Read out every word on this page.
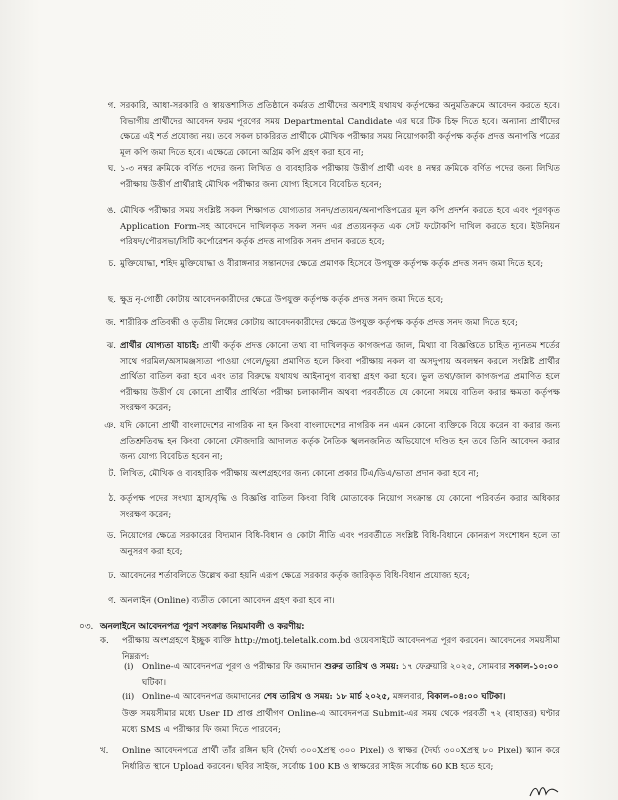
গ. সরকারি, আধা-সরকারি ও স্বায়ত্তশাসিত প্রতিষ্ঠানে কর্মরত প্রার্থীদের অবশ্যই যথাযথ কর্তৃপক্ষের অনুমতিক্রমে আবেদন করতে হবে। বিভাগীয় প্রার্থীদের আবেদন ফরম পূরণের সময় Departmental Candidate এর ঘরে টিক চিহ্ন দিতে হবে। অন্যান্য প্রার্থীদের ক্ষেত্রে এই শর্ত প্রযোজ্য নয়। তবে সকল চাকরিরত প্রার্থীকে মৌখিক পরীক্ষার সময় নিয়োগকারী কর্তৃপক্ষ কর্তৃক প্রদত্ত অনাপত্তি পত্রের মূল কপি জমা দিতে হবে। এক্ষেত্রে কোনো অগ্রিম কপি গ্রহণ করা হবে না;
ঘ. ১-৩ নম্বর ক্রমিকে বর্ণিত পদের জন্য লিখিত ও ব্যবহারিক পরীক্ষায় উত্তীর্ণ প্রার্থী এবং ৪ নম্বর ক্রমিকে বর্ণিত পদের জন্য লিখিত পরীক্ষায় উত্তীর্ণ প্রার্থীরাই মৌখিক পরীক্ষার জন্য যোগ্য হিসেবে বিবেচিত হবেন;
ঙ. মৌখিক পরীক্ষার সময় সংশ্লিষ্ট সকল শিক্ষাগত যোগ্যতার সনদ/প্রত্যয়ন/অনাপত্তিপত্রের মূল কপি প্রদর্শন করতে হবে এবং পূরণকৃত Application Form-সহ আবেদনে দাখিলকৃত সকল সনদ এর প্রত্যয়নকৃত এক সেট ফটোকপি দাখিল করতে হবে। ইউনিয়ন পরিষদ/পৌরসভা/সিটি কর্পোরেশন কর্তৃক প্রদত্ত নাগরিক সনদ প্রদান করতে হবে;
চ. মুক্তিযোদ্ধা, শহিদ মুক্তিযোদ্ধা ও বীরাঙ্গনার সন্তানদের ক্ষেত্রে প্রমাণক হিসেবে উপযুক্ত কর্তৃপক্ষ কর্তৃক প্রদত্ত সনদ জমা দিতে হবে;
ছ. ক্ষুদ্র নৃ-গোষ্ঠী কোটায় আবেদনকারীদের ক্ষেত্রে উপযুক্ত কর্তৃপক্ষ কর্তৃক প্রদত্ত সনদ জমা দিতে হবে;
জ. শারীরিক প্রতিবন্ধী ও তৃতীয় লিঙ্গের কোটায় আবেদনকারীদের ক্ষেত্রে উপযুক্ত কর্তৃপক্ষ কর্তৃক প্রদত্ত সনদ জমা দিতে হবে;
ঝ. প্রার্থীর যোগ্যতা যাচাই: প্রার্থী কর্তৃক প্রদত্ত কোনো তথ্য বা দাখিলকৃত কাগজপত্র জাল, মিথ্যা বা বিজ্ঞপ্তিতে চাহিত ন্যূনতম শর্তের সাথে গরমিল/অসামঞ্জস্যতা পাওয়া গেলে/ভুয়া প্রমাণিত হলে কিংবা পরীক্ষায় নকল বা অসদুপায় অবলম্বন করলে সংশ্লিষ্ট প্রার্থীর প্রার্থিতা বাতিল করা হবে এবং তার বিরুদ্ধে যথাযথ আইনানুগ ব্যবস্থা গ্রহণ করা হবে। ভুল তথ্য/জাল কাগজপত্র প্রমাণিত হলে পরীক্ষায় উত্তীর্ণ যে কোনো প্রার্থীর প্রার্থিতা পরীক্ষা চলাকালীন অথবা পরবর্তীতে যে কোনো সময়ে বাতিল করার ক্ষমতা কর্তৃপক্ষ সংরক্ষণ করেন;
ঞ. যদি কোনো প্রার্থী বাংলাদেশের নাগরিক না হন কিংবা বাংলাদেশের নাগরিক নন এমন কোনো ব্যক্তিকে বিয়ে করেন বা করার জন্য প্রতিশ্রুতিবদ্ধ হন কিংবা কোনো ফৌজদারি আদালত কর্তৃক নৈতিক স্খলনজনিত অভিযোগে দণ্ডিত হন তবে তিনি আবেদন করার জন্য যোগ্য বিবেচিত হবেন না;
ট. লিখিত, মৌখিক ও ব্যবহারিক পরীক্ষায় অংশগ্রহণের জন্য কোনো প্রকার টিএ/ডিএ/ভাতা প্রদান করা হবে না;
ঠ. কর্তৃপক্ষ পদের সংখ্যা হ্রাস/বৃদ্ধি ও বিজ্ঞপ্তি বাতিল কিংবা বিধি মোতাবেক নিয়োগ সংক্রান্ত যে কোনো পরিবর্তন করার অধিকার সংরক্ষণ করেন;
ড. নিয়োগের ক্ষেত্রে সরকারের বিদ্যমান বিধি-বিধান ও কোটা নীতি এবং পরবর্তীতে সংশ্লিষ্ট বিধি-বিধানে কোনরূপ সংশোধন হলে তা অনুসরণ করা হবে;
ঢ. আবেদনের শর্তাবলিতে উল্লেখ করা হয়নি এরূপ ক্ষেত্রে সরকার কর্তৃক জারিকৃত বিধি-বিধান প্রযোজ্য হবে;
ণ. অনলাইন (Online) ব্যতীত কোনো আবেদন গ্রহণ করা হবে না।
০৩. অনলাইনে আবেদনপত্র পূরণ সংক্রান্ত নিয়মাবলী ও করণীয়:
ক. পরীক্ষায় অংশগ্রহণে ইচ্ছুক ব্যক্তি http://motj.teletalk.com.bd ওয়েবসাইটে আবেদনপত্র পূরণ করবেন। আবেদনের সময়সীমা নিম্নরূপ:
(i) Online-এ আবেদনপত্র পূরণ ও পরীক্ষার ফি জমাদান শুরুর তারিখ ও সময়: ১৭ ফেব্রুয়ারি ২০২৫, সোমবার সকাল-১০:০০
ঘটিকা।
(ii) Online-এ আবেদনপত্র জমাদানের শেষ তারিখ ও সময়: ১৮ মার্চ ২০২৫, মঙ্গলবার, বিকাল-০৪:০০ ঘটিকা।
উক্ত সময়সীমার মধ্যে User ID প্রাপ্ত প্রার্থীগণ Online-এ আবেদনপত্র Submit-এর সময় থেকে পরবর্তী ৭২ (বাহাত্তর) ঘণ্টার মধ্যে SMS এ পরীক্ষার ফি জমা দিতে পারবেন;
খ. Online আবেদনপত্রে প্রার্থী তাঁর রঙ্গিন ছবি (দৈর্ঘ্য ৩০০Xপ্রস্থ ৩০০ Pixel) ও স্বাক্ষর (দৈর্ঘ্য ৩০০Xপ্রস্থ ৮০ Pixel) স্ক্যান করে নির্ধারিত স্থানে Upload করবেন। ছবির সাইজ, সর্বোচ্চ 100 KB ও স্বাক্ষরের সাইজ সর্বোচ্চ 60 KB হতে হবে;
